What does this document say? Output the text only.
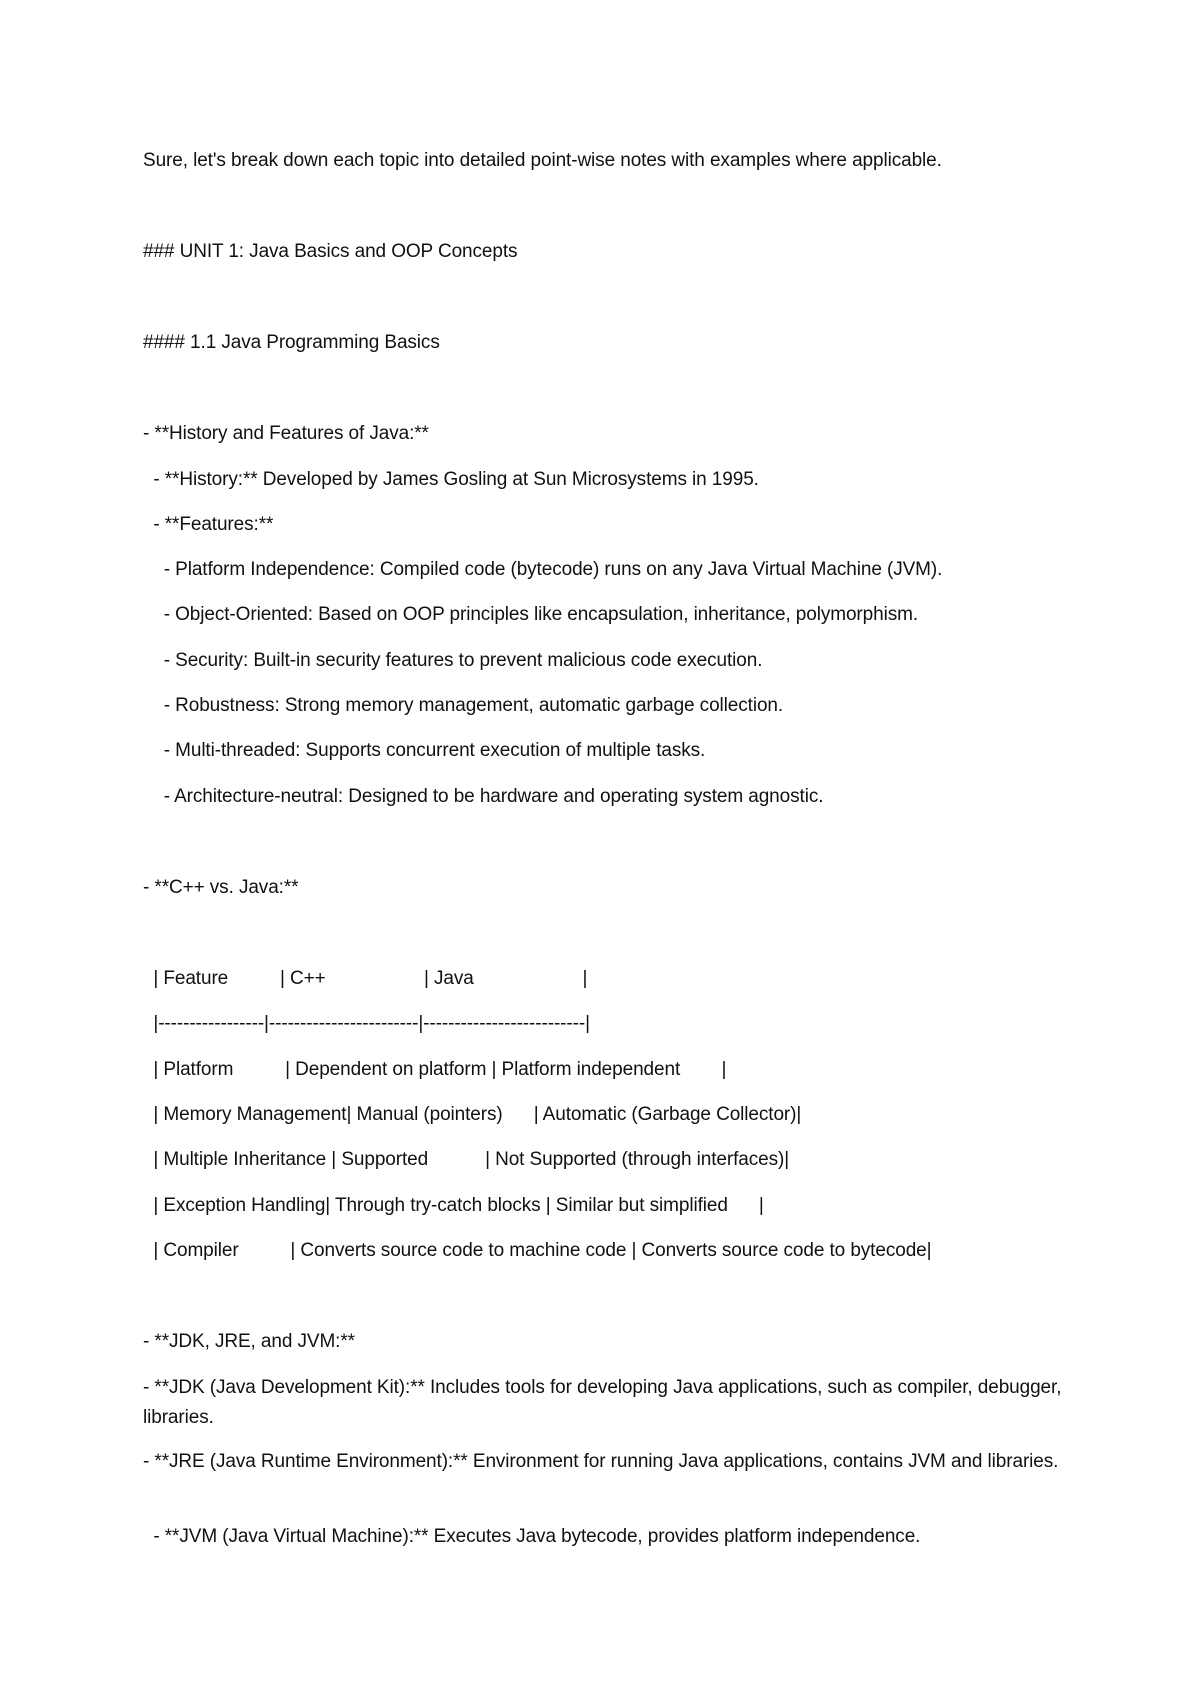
Sure, let's break down each topic into detailed point-wise notes with examples where applicable.
### UNIT 1: Java Basics and OOP Concepts
#### 1.1 Java Programming Basics
- **History and Features of Java:**
- **History:** Developed by James Gosling at Sun Microsystems in 1995.
- **Features:**
- Platform Independence: Compiled code (bytecode) runs on any Java Virtual Machine (JVM).
- Object-Oriented: Based on OOP principles like encapsulation, inheritance, polymorphism.
- Security: Built-in security features to prevent malicious code execution.
- Robustness: Strong memory management, automatic garbage collection.
- Multi-threaded: Supports concurrent execution of multiple tasks.
- Architecture-neutral: Designed to be hardware and operating system agnostic.
- **C++ vs. Java:**
| Feature          | C++                   | Java                     |
|-----------------|------------------------|--------------------------|
| Platform          | Dependent on platform | Platform independent        |
| Memory Management| Manual (pointers)      | Automatic (Garbage Collector)|
| Multiple Inheritance | Supported           | Not Supported (through interfaces)|
| Exception Handling| Through try-catch blocks | Similar but simplified      |
| Compiler          | Converts source code to machine code | Converts source code to bytecode|
- **JDK, JRE, and JVM:**
- **JDK (Java Development Kit):** Includes tools for developing Java applications, such as compiler, debugger, libraries.
- **JRE (Java Runtime Environment):** Environment for running Java applications, contains JVM and libraries.
- **JVM (Java Virtual Machine):** Executes Java bytecode, provides platform independence.
